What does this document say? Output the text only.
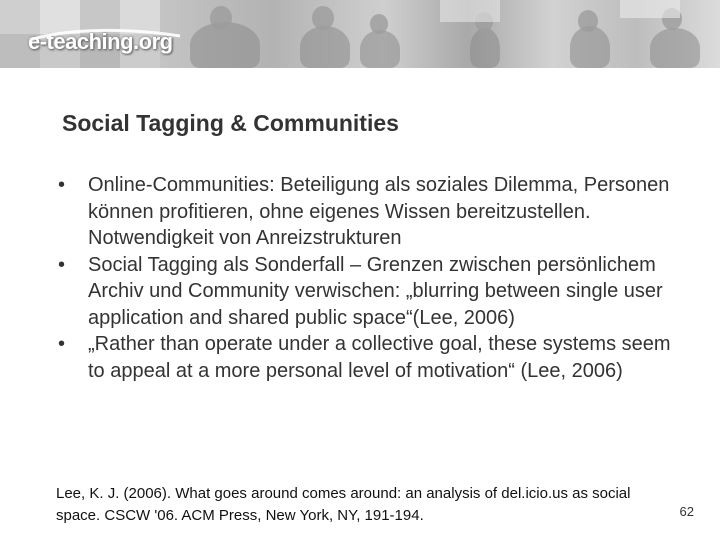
e-teaching.org
Social Tagging & Communities
•	Online-Communities: Beteiligung als soziales Dilemma, Personen können profitieren, ohne eigenes Wissen bereitzustellen. Notwendigkeit von Anreizstrukturen
•	Social Tagging als Sonderfall – Grenzen zwischen persönlichem Archiv und Community verwischen: „blurring between single user application and shared public space“(Lee, 2006)
•	„Rather than operate under a collective goal, these systems seem to appeal at a more personal level of motivation“ (Lee, 2006)
Lee, K. J. (2006). What goes around comes around: an analysis of del.icio.us as social space. CSCW '06. ACM Press, New York, NY, 191-194.	62
